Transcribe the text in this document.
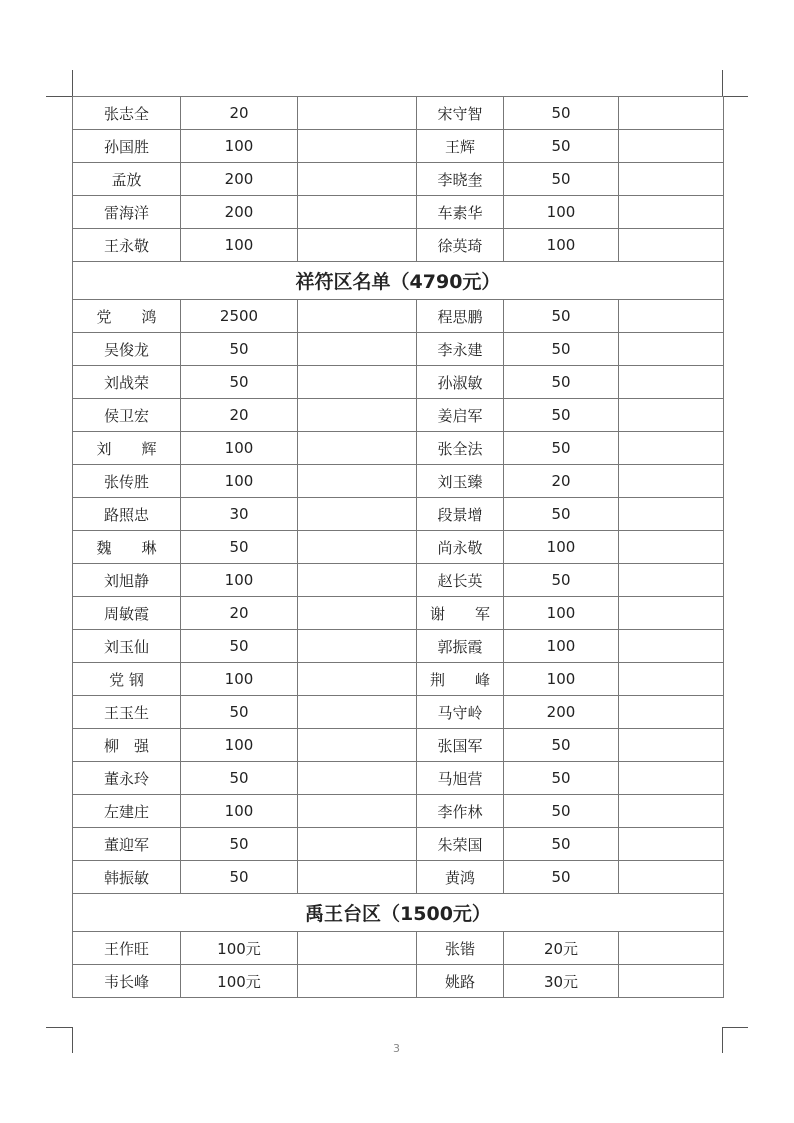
张志全	20		宋守智	50	
孙国胜	100		王辉	50	
孟放	200		李晓奎	50	
雷海洋	200		车素华	100	
王永敬	100		徐英琦	100	
祥符区名单（4790元）					
党　　鸿	2500		程思鹏	50	
吴俊龙	50		李永建	50	
刘战荣	50		孙淑敏	50	
侯卫宏	20		姜启军	50	
刘　　辉	100		张全法	50	
张传胜	100		刘玉臻	20	
路照忠	30		段景增	50	
魏　　琳	50		尚永敬	100	
刘旭静	100		赵长英	50	
周敏霞	20		谢　　军	100	
刘玉仙	50		郭振霞	100	
党 钢	100		荆　　峰	100	
王玉生	50		马守岭	200	
柳　强	100		张国军	50	
董永玲	50		马旭营	50	
左建庄	100		李作林	50	
董迎军	50		朱荣国	50	
韩振敏	50		黄鸿	50	
禹王台区（1500元）					
王作旺	100元		张锴	20元	
韦长峰	100元		姚路	30元	
3
